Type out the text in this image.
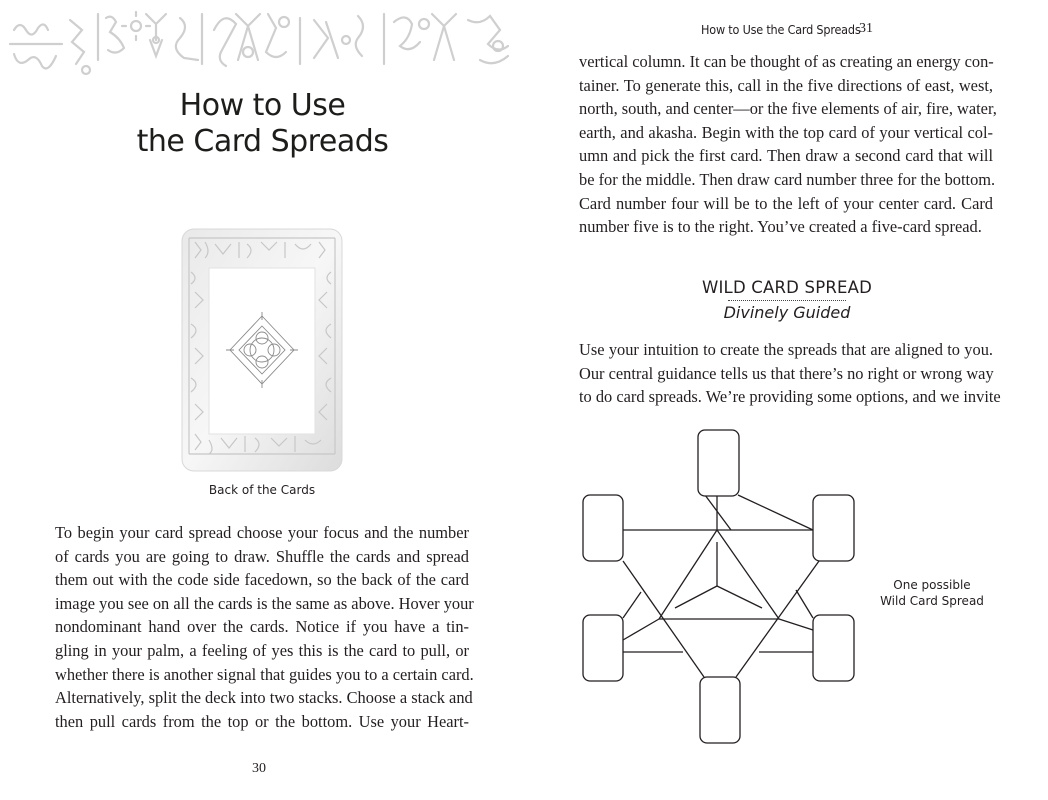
How to Use
the Card Spreads
Back of the Cards
To begin your card spread choose your focus and the number
of cards you are going to draw. Shuffle the cards and spread
them out with the code side facedown, so the back of the card
image you see on all the cards is the same as above. Hover your
nondominant hand over the cards. Notice if you have a tin-
gling in your palm, a feeling of yes this is the card to pull, or
whether there is another signal that guides you to a certain card.
Alternatively, split the deck into two stacks. Choose a stack and
then pull cards from the top or the bottom. Use your Heart-
30
How to Use the Card Spreads
31
vertical column. It can be thought of as creating an energy con-
tainer. To generate this, call in the five directions of east, west,
north, south, and center—or the five elements of air, fire, water,
earth, and akasha. Begin with the top card of your vertical col-
umn and pick the first card. Then draw a second card that will
be for the middle. Then draw card number three for the bottom.
Card number four will be to the left of your center card. Card
number five is to the right. You’ve created a five-card spread.
WILD CARD SPREAD
Divinely Guided
Use your intuition to create the spreads that are aligned to you.
Our central guidance tells us that there’s no right or wrong way
to do card spreads. We’re providing some options, and we invite
One possible
Wild Card Spread
